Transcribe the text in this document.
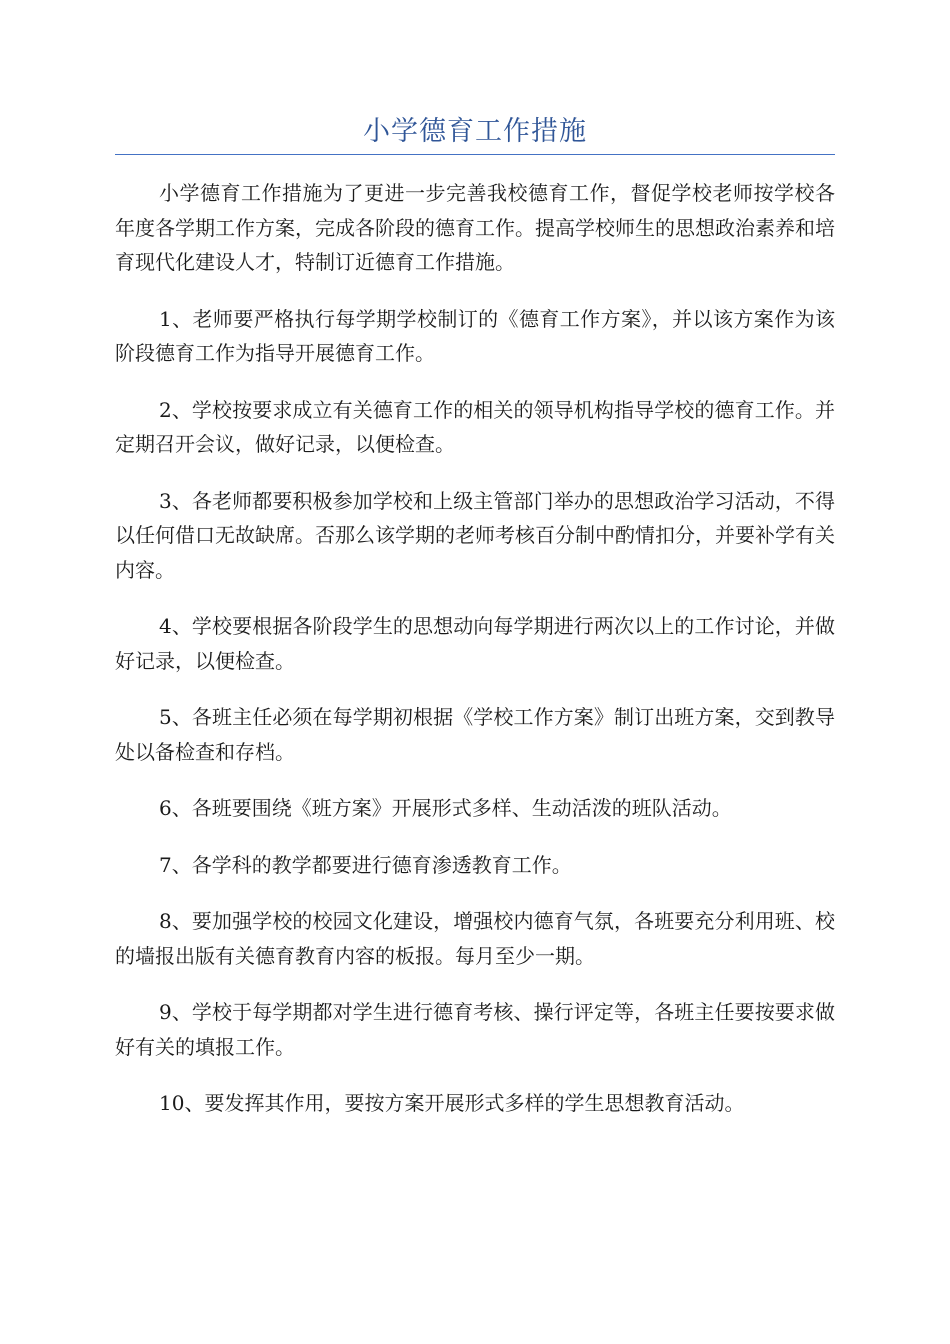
小学德育工作措施

小学德育工作措施为了更进一步完善我校德育工作，督促学校老师按学校各年度各学期工作方案，完成各阶段的德育工作。提高学校师生的思想政治素养和培育现代化建设人才，特制订近德育工作措施。

1、老师要严格执行每学期学校制订的《德育工作方案》，并以该方案作为该阶段德育工作为指导开展德育工作。

2、学校按要求成立有关德育工作的相关的领导机构指导学校的德育工作。并定期召开会议，做好记录，以便检查。

3、各老师都要积极参加学校和上级主管部门举办的思想政治学习活动，不得以任何借口无故缺席。否那么该学期的老师考核百分制中酌情扣分，并要补学有关内容。

4、学校要根据各阶段学生的思想动向每学期进行两次以上的工作讨论，并做好记录，以便检查。

5、各班主任必须在每学期初根据《学校工作方案》制订出班方案，交到教导处以备检查和存档。

6、各班要围绕《班方案》开展形式多样、生动活泼的班队活动。

7、各学科的教学都要进行德育渗透教育工作。

8、要加强学校的校园文化建设，增强校内德育气氛，各班要充分利用班、校的墙报出版有关德育教育内容的板报。每月至少一期。

9、学校于每学期都对学生进行德育考核、操行评定等，各班主任要按要求做好有关的填报工作。

10、要发挥其作用，要按方案开展形式多样的学生思想教育活动。
